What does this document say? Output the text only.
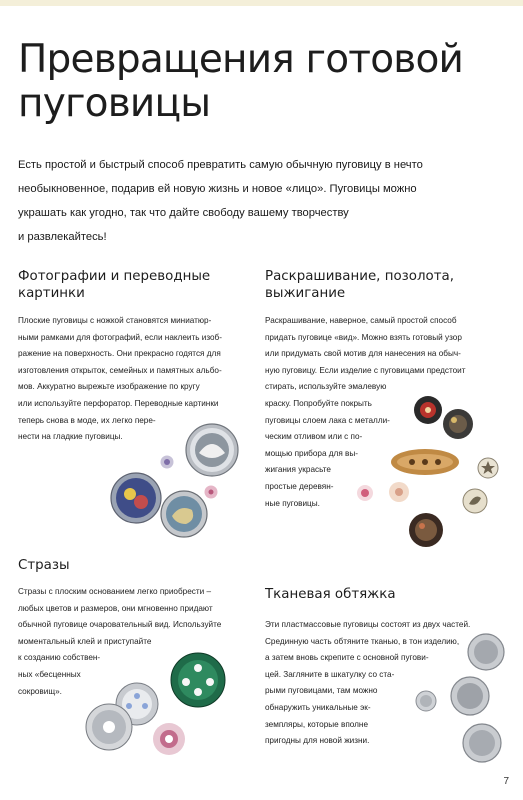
Превращения готовой
пуговицы
Есть простой и быстрый способ превратить самую обычную пуговицу в нечто
необыкновенное, подарив ей новую жизнь и новое «лицо». Пуговицы можно
украшать как угодно, так что дайте свободу вашему творчеству
и развлекайтесь!
Фотографии и переводные
картинки
Плоские пуговицы с ножкой становятся миниатюр-
ными рамками для фотографий, если наклеить изоб-
ражение на поверхность. Они прекрасно годятся для
изготовления открыток, семейных и памятных альбо-
мов. Аккуратно вырежьте изображение по кругу
или используйте перфоратор. Переводные картинки
теперь снова в моде, их легко пере-
нести на гладкие пуговицы.
Раскрашивание, позолота,
выжигание
Раскрашивание, наверное, самый простой способ
придать пуговице «вид». Можно взять готовый узор
или придумать свой мотив для нанесения на обыч-
ную пуговицу. Если изделие с пуговицами предстоит
стирать, используйте эмалевую
краску. Попробуйте покрыть
пуговицы слоем лака с металли-
ческим отливом или с по-
мощью прибора для вы-
жигания украсьте
простые деревян-
ные пуговицы.
Стразы
Стразы с плоским основанием легко приобрести –
любых цветов и размеров, они мгновенно придают
обычной пуговице очаровательный вид. Используйте
моментальный клей и приступайте
к созданию собствен-
ных «бесценных
сокровищ».
Тканевая обтяжка
Эти пластмассовые пуговицы состоят из двух частей.
Срединную часть обтяните тканью, в тон изделию,
а затем вновь скрепите с основной пугови-
цей. Загляните в шкатулку со ста-
рыми пуговицами, там можно
обнаружить уникальные эк-
земпляры, которые вполне
пригодны для новой жизни.
7
